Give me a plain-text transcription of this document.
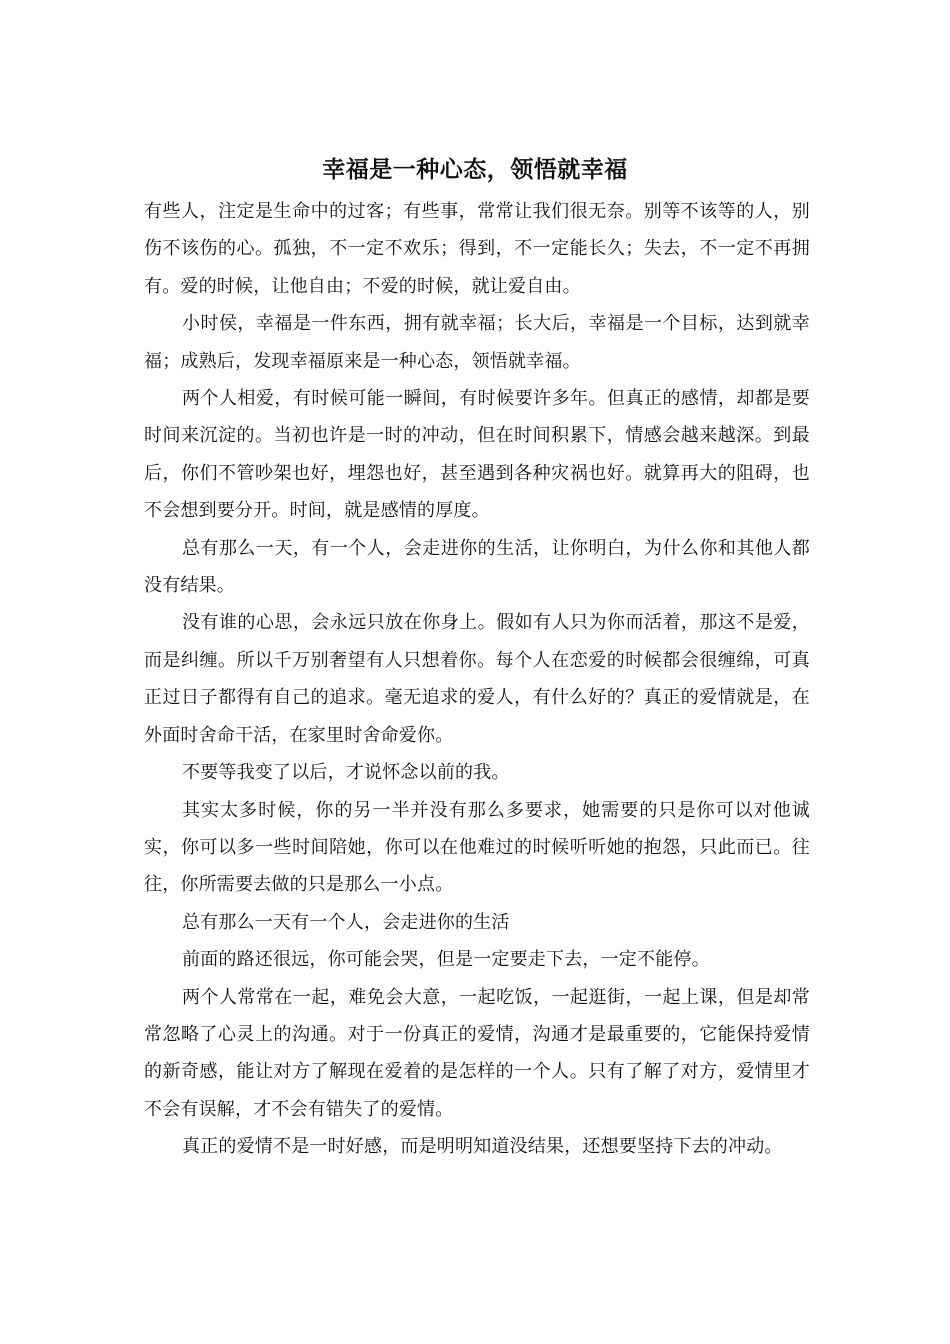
幸福是一种心态，领悟就幸福

有些人，注定是生命中的过客；有些事，常常让我们很无奈。别等不该等的人，别伤不该伤的心。孤独，不一定不欢乐；得到，不一定能长久；失去，不一定不再拥有。爱的时候，让他自由；不爱的时候，就让爱自由。

小时侯，幸福是一件东西，拥有就幸福；长大后，幸福是一个目标，达到就幸福；成熟后，发现幸福原来是一种心态，领悟就幸福。

两个人相爱，有时候可能一瞬间，有时候要许多年。但真正的感情，却都是要时间来沉淀的。当初也许是一时的冲动，但在时间积累下，情感会越来越深。到最后，你们不管吵架也好，埋怨也好，甚至遇到各种灾祸也好。就算再大的阻碍，也不会想到要分开。时间，就是感情的厚度。

总有那么一天，有一个人，会走进你的生活，让你明白，为什么你和其他人都没有结果。

没有谁的心思，会永远只放在你身上。假如有人只为你而活着，那这不是爱，而是纠缠。所以千万别奢望有人只想着你。每个人在恋爱的时候都会很缠绵，可真正过日子都得有自己的追求。毫无追求的爱人，有什么好的？真正的爱情就是，在外面时舍命干活，在家里时舍命爱你。

不要等我变了以后，才说怀念以前的我。

其实太多时候，你的另一半并没有那么多要求，她需要的只是你可以对他诚实，你可以多一些时间陪她，你可以在他难过的时候听听她的抱怨，只此而已。往往，你所需要去做的只是那么一小点。

总有那么一天有一个人，会走进你的生活

前面的路还很远，你可能会哭，但是一定要走下去，一定不能停。

两个人常常在一起，难免会大意，一起吃饭，一起逛街，一起上课，但是却常常忽略了心灵上的沟通。对于一份真正的爱情，沟通才是最重要的，它能保持爱情的新奇感，能让对方了解现在爱着的是怎样的一个人。只有了解了对方，爱情里才不会有误解，才不会有错失了的爱情。

真正的爱情不是一时好感，而是明明知道没结果，还想要坚持下去的冲动。
